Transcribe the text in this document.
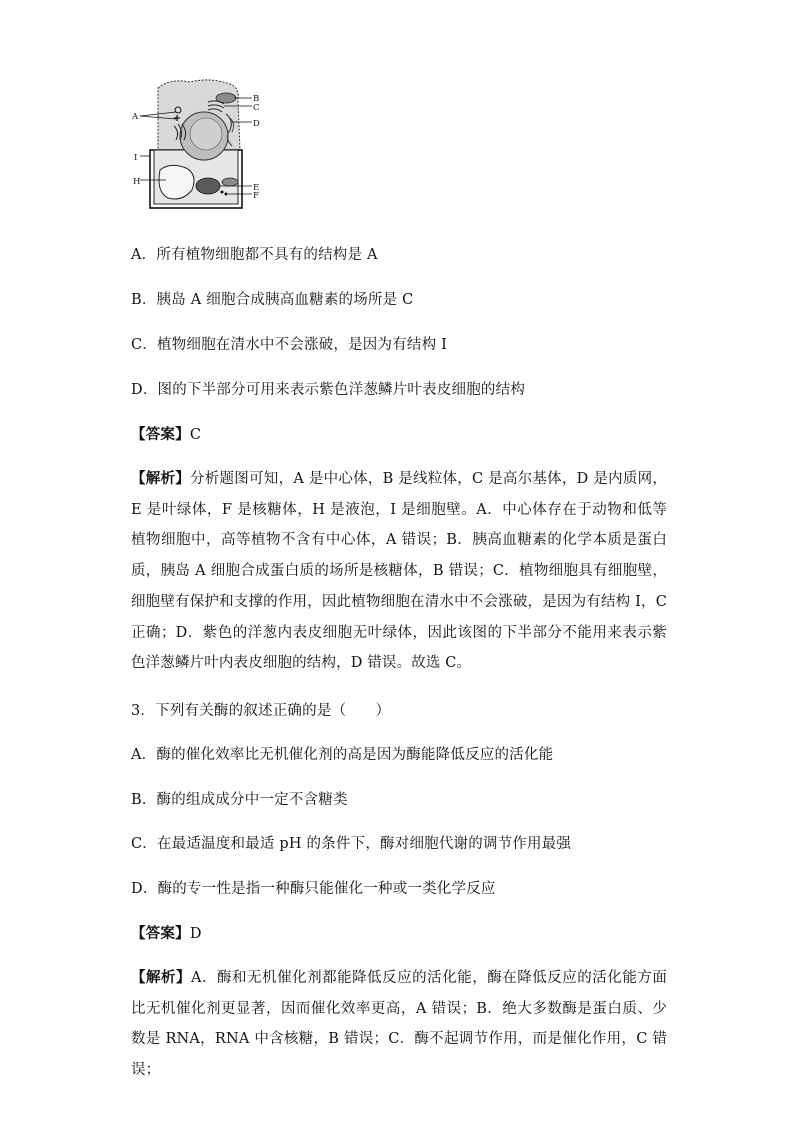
A
B
C
D
I
H
E
F
A．所有植物细胞都不具有的结构是 A
B．胰岛 A 细胞合成胰高血糖素的场所是 C
C．植物细胞在清水中不会涨破，是因为有结构 I
D．图的下半部分可用来表示紫色洋葱鳞片叶表皮细胞的结构
【答案】C
【解析】分析题图可知，A 是中心体，B 是线粒体，C 是高尔基体，D 是内质网，E 是叶绿体，F 是核糖体，H 是液泡，I 是细胞壁。A．中心体存在于动物和低等植物细胞中，高等植物不含有中心体，A 错误；B．胰高血糖素的化学本质是蛋白质，胰岛 A 细胞合成蛋白质的场所是核糖体，B 错误；C．植物细胞具有细胞壁，细胞壁有保护和支撑的作用，因此植物细胞在清水中不会涨破，是因为有结构 I，C 正确；D．紫色的洋葱内表皮细胞无叶绿体，因此该图的下半部分不能用来表示紫色洋葱鳞片叶内表皮细胞的结构，D 错误。故选 C。
3．下列有关酶的叙述正确的是（　　）
A．酶的催化效率比无机催化剂的高是因为酶能降低反应的活化能
B．酶的组成成分中一定不含糖类
C．在最适温度和最适 pH 的条件下，酶对细胞代谢的调节作用最强
D．酶的专一性是指一种酶只能催化一种或一类化学反应
【答案】D
【解析】A．酶和无机催化剂都能降低反应的活化能，酶在降低反应的活化能方面比无机催化剂更显著，因而催化效率更高，A 错误；B．绝大多数酶是蛋白质、少数是 RNA，RNA 中含核糖，B 错误；C．酶不起调节作用，而是催化作用，C 错误；
